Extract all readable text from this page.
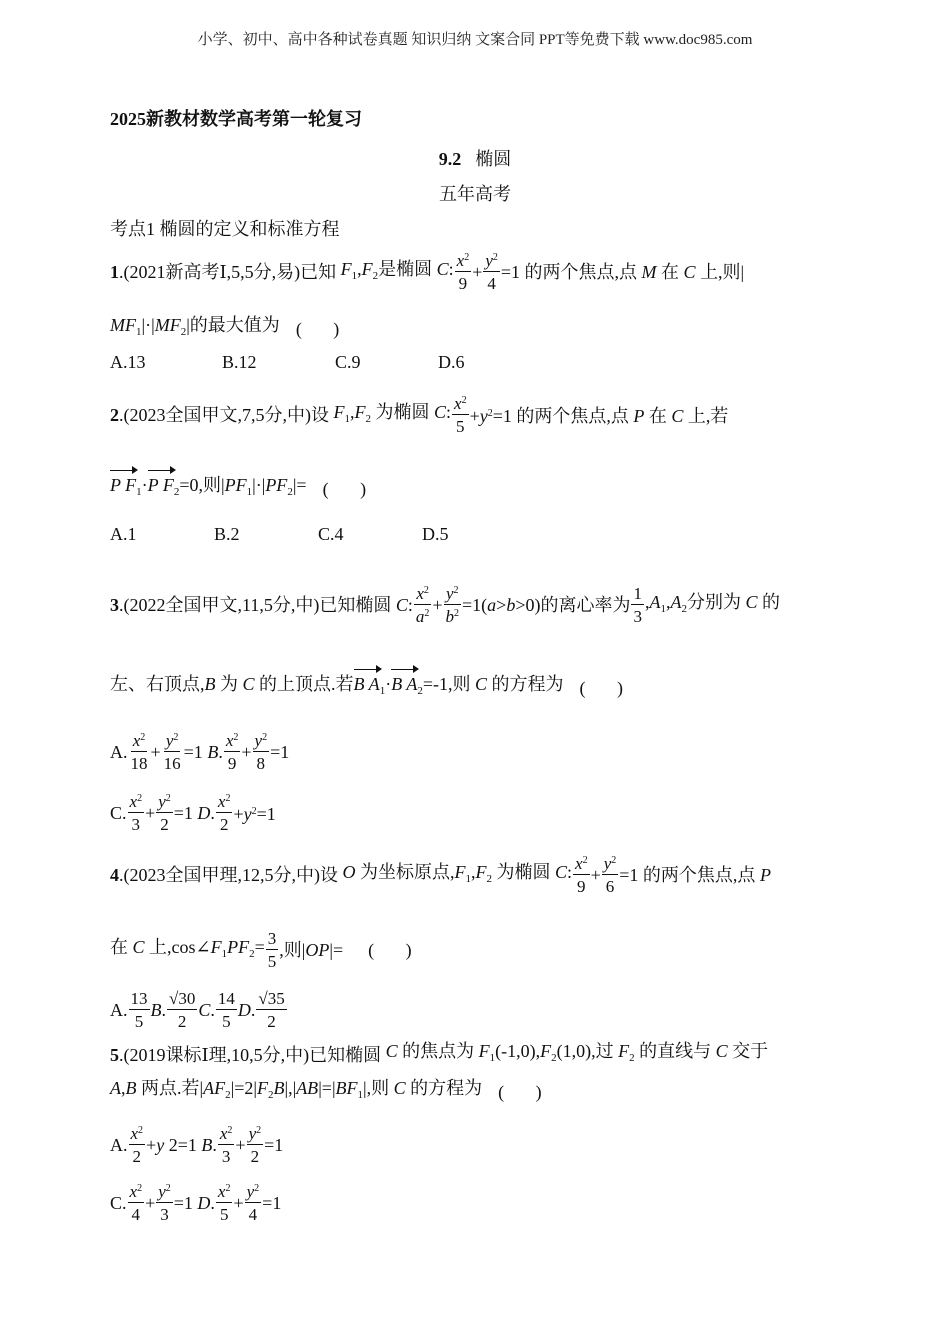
小学、初中、高中各种试卷真题 知识归纳 文案合同 PPT等免费下载 www.doc985.com
2025新教材数学高考第一轮复习
9.2 椭圆
五年高考
考点1 椭圆的定义和标准方程
1 .(2021新高考Ⅰ,5,5分,易)已知 $F_1,F_2$是椭圆 C: $\frac{x^2}{9} + \frac{y^2}{4} =1$ 的两个焦点,点 M 在 C 上,则|
$MF_1|\cdot|MF_2|$的最大值为 (       )
A.13	B.12	C.9	D.6
2 .(2023全国甲文,7,5分,中)设 $F_1,F_2$ 为椭圆 C: $\frac{x^2}{5} +y^2=1$ 的两个焦点,点 P 在 C 上,若
P $F_1\cdot P$ $F_2=0$,则$|PF_1|\cdot|PF_2|=$ (       )
A.1	B.2	C.4	D.5
3 .(2022全国甲文,11,5分,中)已知椭圆 C: $\frac{x^2}{a^2} + \frac{y^2}{b^2} =1(a>b>0)$的离心率为 $\frac{1}{3} ,A_1,A_2$分别为 C 的
左、右顶点,B 为 C 的上顶点.若B $A_1\cdot B$ $A_2=-1$,则 C 的方程为 (       )
A. $\frac{x^2}{18} + \frac{y^2}{16} =1$ B. $\frac{x^2}{9} + \frac{y^2}{8} =1$
C. $\frac{x^2}{3} + \frac{y^2}{2} =1$ D. $\frac{x^2}{2} +y^2=1$
4 .(2023全国甲理,12,5分,中)设 O 为坐标原点$,F_1,F_2$ 为椭圆 C: $\frac{x^2}{9} + \frac{y^2}{6} =1$ 的两个焦点,点 P
在 C 上$,\cos\angle F_1PF_2= \frac{3}{5}$ ,则|OP|= (       )
A. $\frac{13}{5} B$. $\frac{√30}{2} C$. $\frac{14}{5} D$. $\frac{√35}{2}$
5 .(2019课标Ⅰ理,10,5分,中)已知椭圆 C 的焦点为 $F_1(-1,0),F_2(1,0)$,过 $F_2$ 的直线与 C 交于
A,B 两点.若$|AF_2|=2|F_2B|,|AB|=|BF_1|$,则 C 的方程为 (       )
A. $\frac{x^2}{2} +y$ 2=1 B. $\frac{x^2}{3} + \frac{y^2}{2} =1$
C. $\frac{x^2}{4} + \frac{y^2}{3} =1$ D. $\frac{x^2}{5} + \frac{y^2}{4} =1$
